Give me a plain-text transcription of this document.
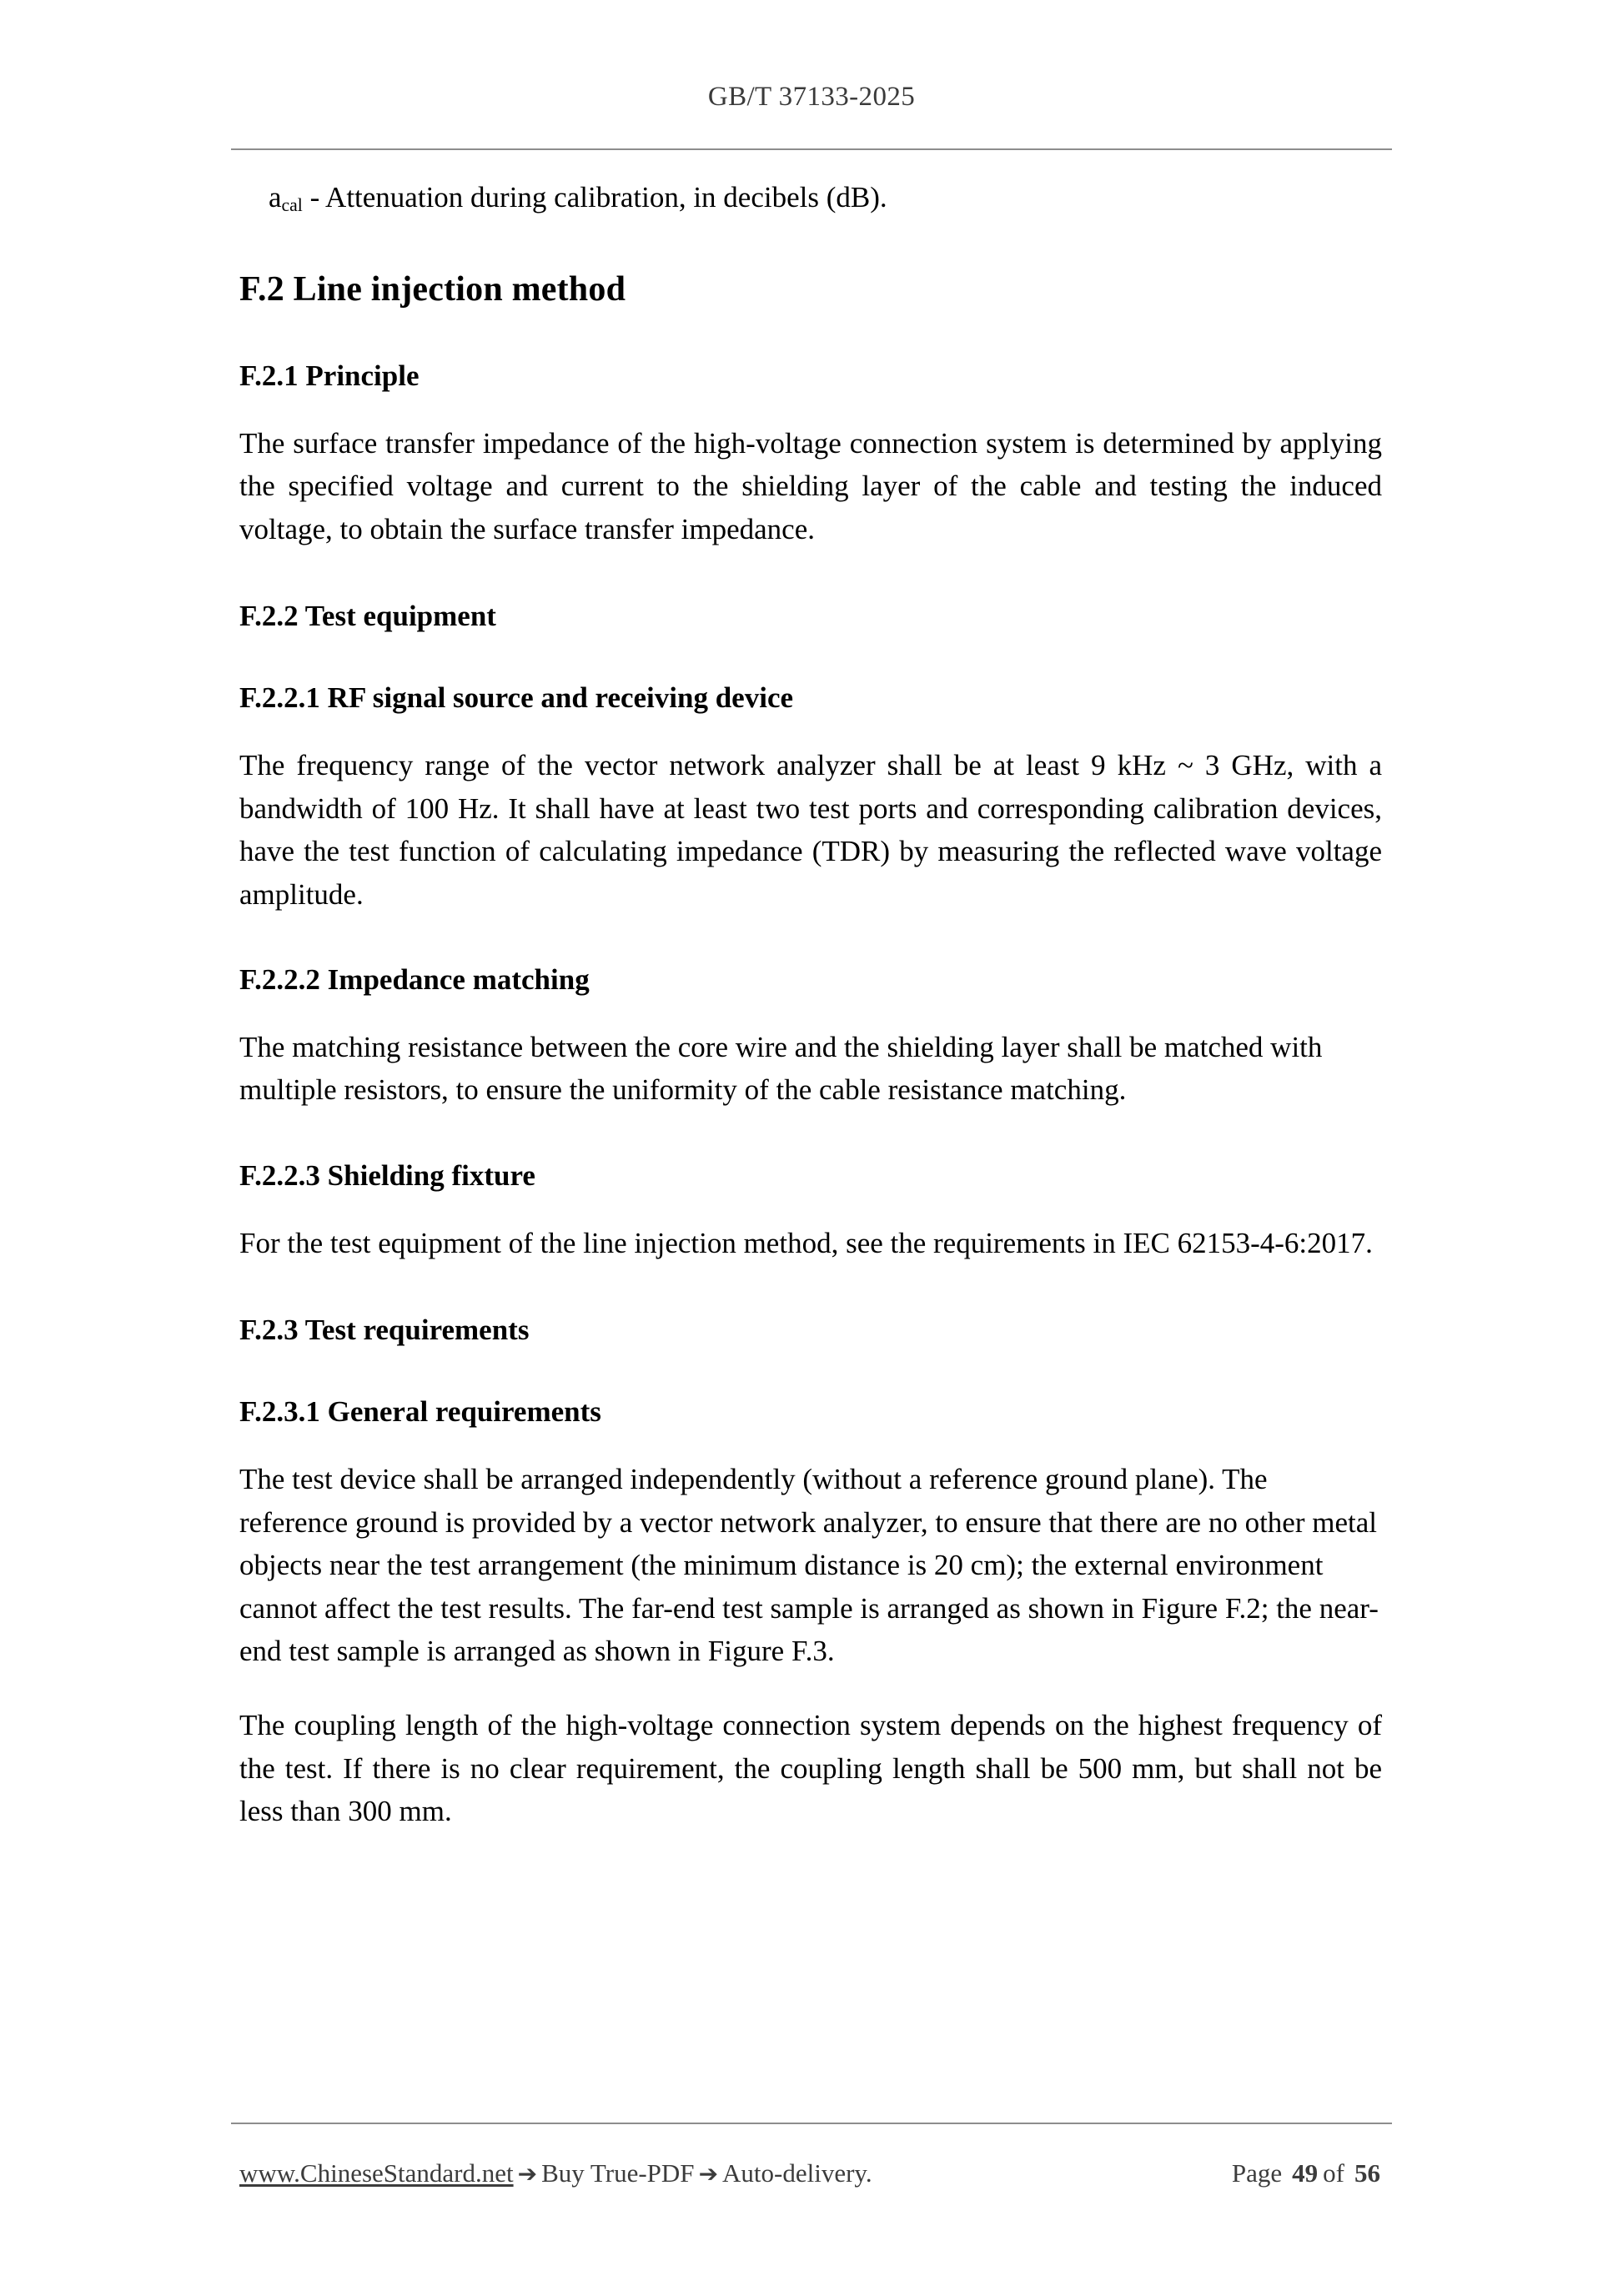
GB/T 37133-2025

$a_{cal}$ - Attenuation during calibration, in decibels (dB).

F.2 Line injection method
F.2.1 Principle

The surface transfer impedance of the high-voltage connection system is determined by applying the specified voltage and current to the shielding layer of the cable and testing the induced voltage, to obtain the surface transfer impedance.

F.2.2 Test equipment
F.2.2.1 RF signal source and receiving device

The frequency range of the vector network analyzer shall be at least 9 kHz ~ 3 GHz, with a bandwidth of 100 Hz. It shall have at least two test ports and corresponding calibration devices, have the test function of calculating impedance (TDR) by measuring the reflected wave voltage amplitude.

F.2.2.2 Impedance matching

The matching resistance between the core wire and the shielding layer shall be matched with multiple resistors, to ensure the uniformity of the cable resistance matching.

F.2.2.3 Shielding fixture

For the test equipment of the line injection method, see the requirements in IEC 62153-4-6:2017.

F.2.3 Test requirements
F.2.3.1 General requirements

The test device shall be arranged independently (without a reference ground plane). The reference ground is provided by a vector network analyzer, to ensure that there are no other metal objects near the test arrangement (the minimum distance is 20 cm); the external environment cannot affect the test results. The far-end test sample is arranged as shown in Figure F.2; the near-end test sample is arranged as shown in Figure F.3.

The coupling length of the high-voltage connection system depends on the highest frequency of the test. If there is no clear requirement, the coupling length shall be 500 mm, but shall not be less than 300 mm.

www.ChineseStandard.net ➔ Buy True-PDF ➔ Auto-delivery.	Page 49 of 56
